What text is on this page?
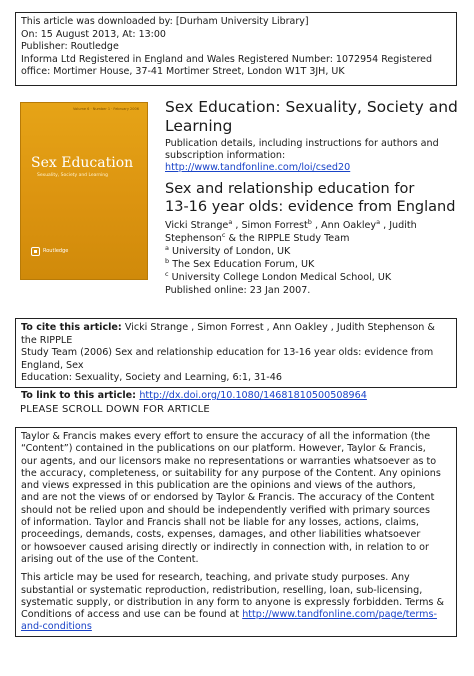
This article was downloaded by: [Durham University Library]
On: 15 August 2013, At: 13:00
Publisher: Routledge
Informa Ltd Registered in England and Wales Registered Number: 1072954 Registered
office: Mortimer House, 37-41 Mortimer Street, London W1T 3JH, UK
Volume 6 · Number 1 · February 2006
Sex Education
Sexuality, Society and Learning
Routledge
Sex Education: Sexuality, Society and
Learning
Publication details, including instructions for authors and
subscription information:
http://www.tandfonline.com/loi/csed20
Sex and relationship education for
13-16 year olds: evidence from England
Vicki Strange$^a$ , Simon Forrest$^b$ , Ann Oakley$^a$ , Judith
Stephenson$^c$ & the RIPPLE Study Team
$^a$ University of London, UK
$^b$ The Sex Education Forum, UK
$^c$ University College London Medical School, UK
Published online: 23 Jan 2007.
To cite this article: Vicki Strange , Simon Forrest , Ann Oakley , Judith Stephenson & the RIPPLE
Study Team (2006) Sex and relationship education for 13-16 year olds: evidence from England, Sex
Education: Sexuality, Society and Learning, 6:1, 31-46
To link to this article: http://dx.doi.org/10.1080/14681810500508964
PLEASE SCROLL DOWN FOR ARTICLE

Taylor & Francis makes every effort to ensure the accuracy of all the information (the
“Content”) contained in the publications on our platform. However, Taylor & Francis,
our agents, and our licensors make no representations or warranties whatsoever as to
the accuracy, completeness, or suitability for any purpose of the Content. Any opinions
and views expressed in this publication are the opinions and views of the authors,
and are not the views of or endorsed by Taylor & Francis. The accuracy of the Content
should not be relied upon and should be independently verified with primary sources
of information. Taylor and Francis shall not be liable for any losses, actions, claims,
proceedings, demands, costs, expenses, damages, and other liabilities whatsoever
or howsoever caused arising directly or indirectly in connection with, in relation to or
arising out of the use of the Content.

This article may be used for research, teaching, and private study purposes. Any
substantial or systematic reproduction, redistribution, reselling, loan, sub-licensing,
systematic supply, or distribution in any form to anyone is expressly forbidden. Terms &
Conditions of access and use can be found at http://www.tandfonline.com/page/terms-
and-conditions
